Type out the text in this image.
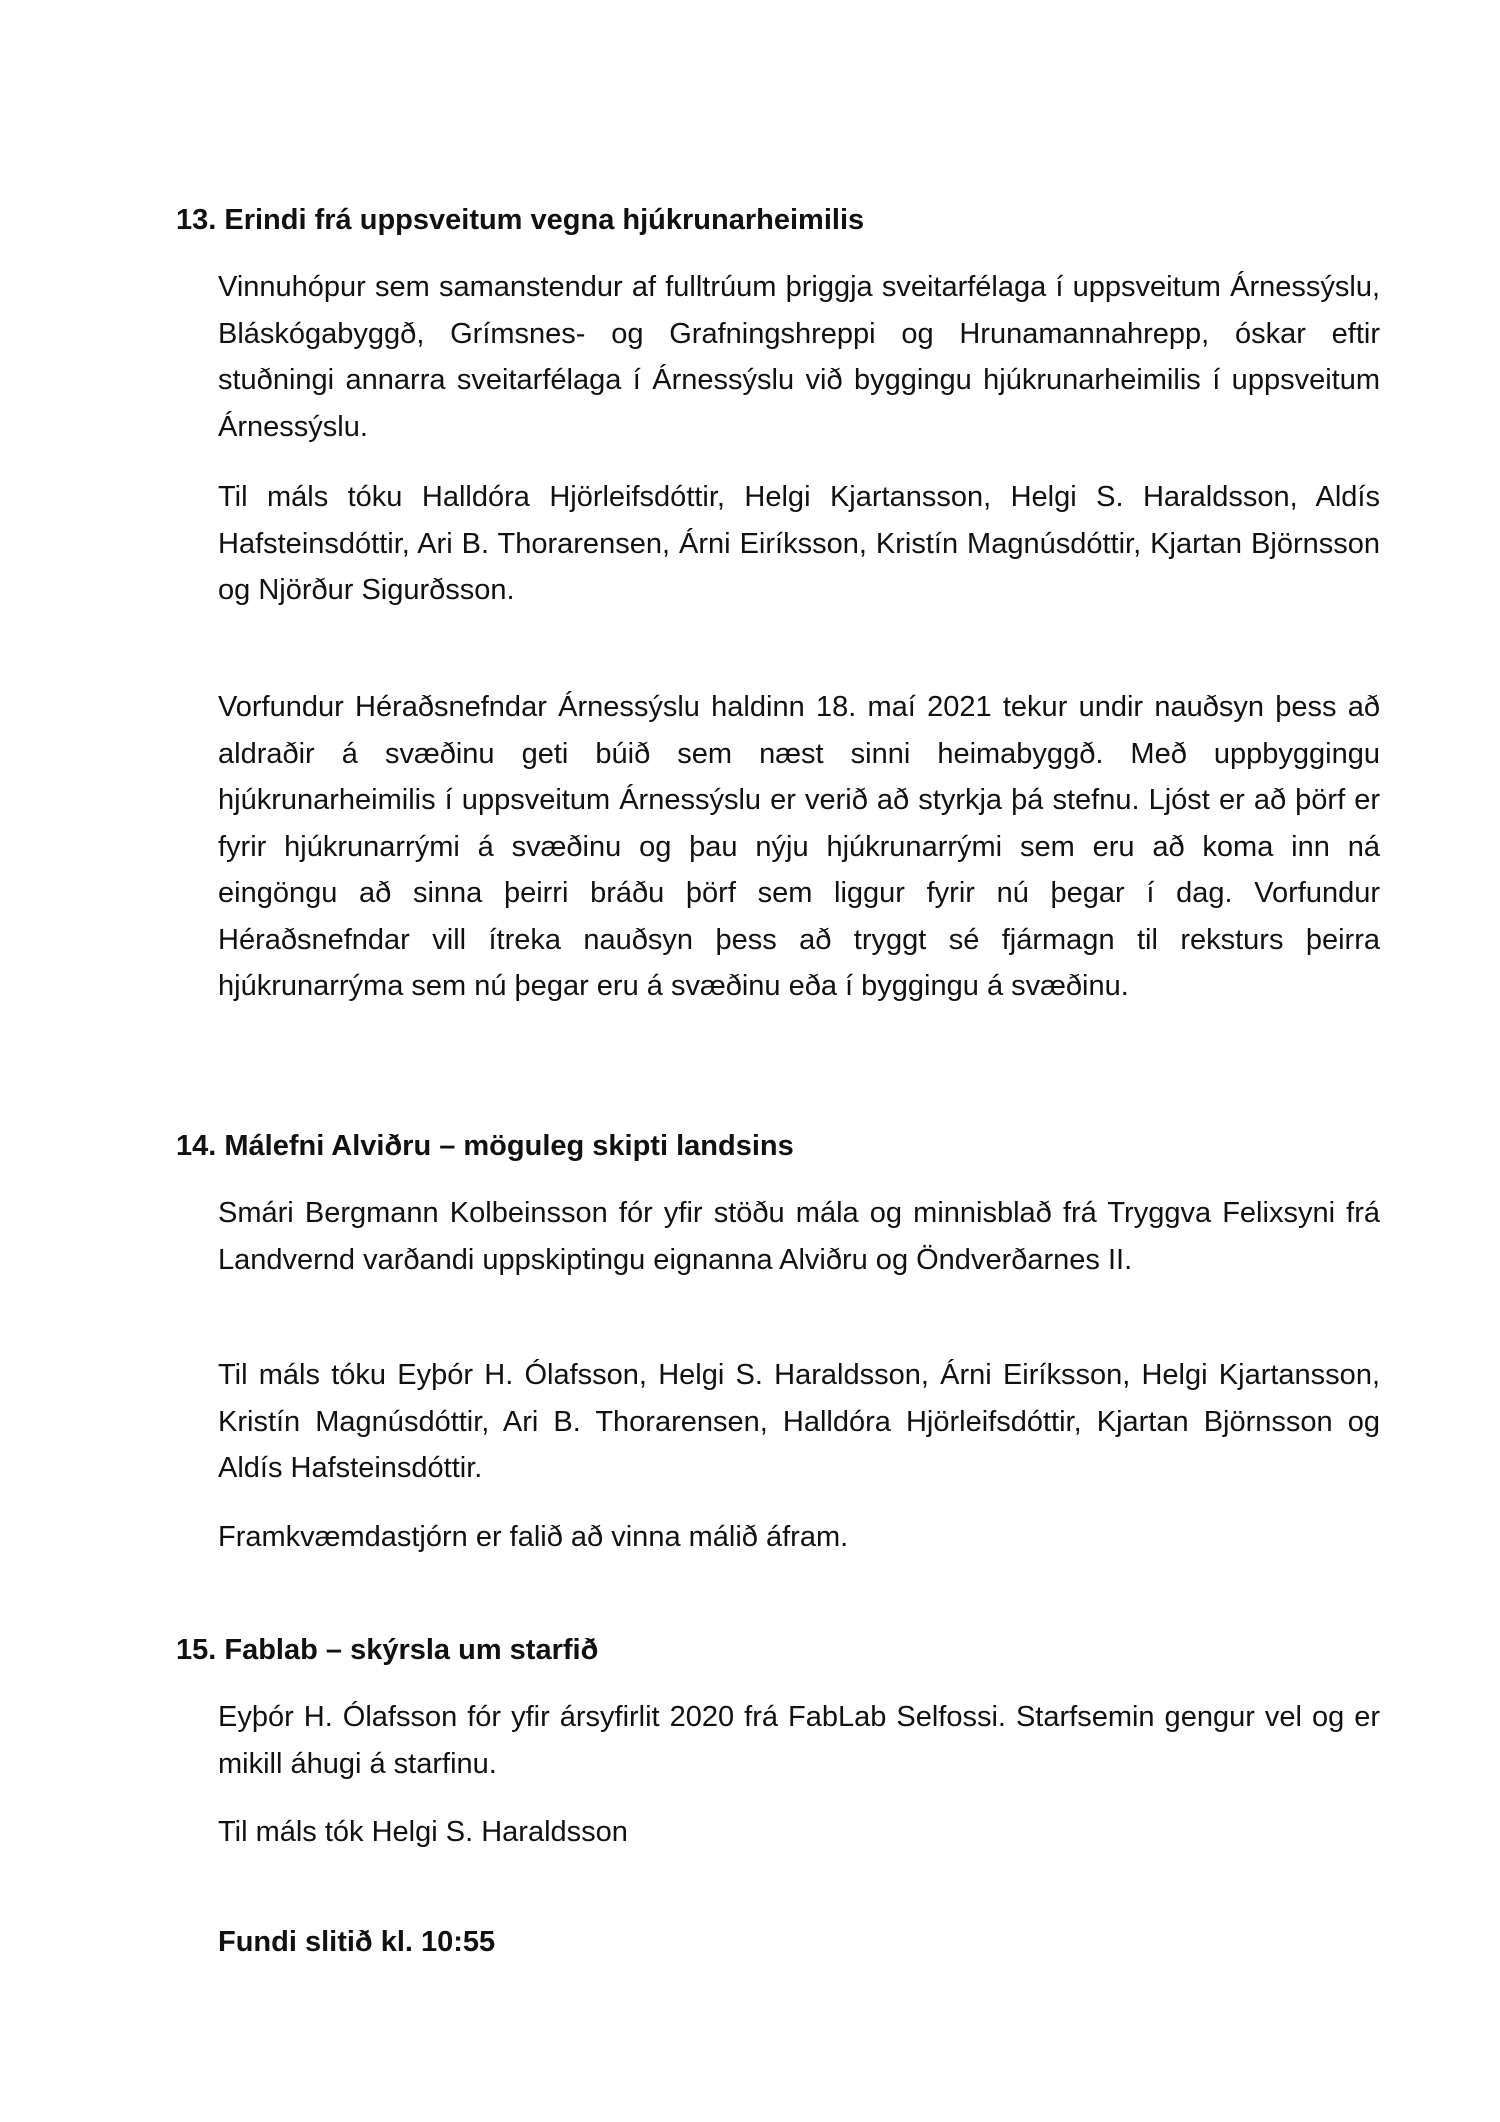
13. Erindi frá uppsveitum vegna hjúkrunarheimilis

Vinnuhópur sem samanstendur af fulltrúum þriggja sveitarfélaga í uppsveitum Árnessýslu, Bláskógabyggð, Grímsnes- og Grafningshreppi og Hrunamannahrepp, óskar eftir stuðningi annarra sveitarfélaga í Árnessýslu við byggingu hjúkrunarheimilis í uppsveitum Árnessýslu.

Til máls tóku Halldóra Hjörleifsdóttir, Helgi Kjartansson, Helgi S. Haraldsson, Aldís Hafsteinsdóttir, Ari B. Thorarensen, Árni Eiríksson, Kristín Magnúsdóttir, Kjartan Björnsson og Njörður Sigurðsson.

Vorfundur Héraðsnefndar Árnessýslu haldinn 18. maí 2021 tekur undir nauðsyn þess að aldraðir á svæðinu geti búið sem næst sinni heimabyggð. Með uppbyggingu hjúkrunarheimilis í uppsveitum Árnessýslu er verið að styrkja þá stefnu. Ljóst er að þörf er fyrir hjúkrunarrými á svæðinu og þau nýju hjúkrunarrými sem eru að koma inn ná eingöngu að sinna þeirri bráðu þörf sem liggur fyrir nú þegar í dag. Vorfundur Héraðsnefndar vill ítreka nauðsyn þess að tryggt sé fjármagn til reksturs þeirra hjúkrunarrýma sem nú þegar eru á svæðinu eða í byggingu á svæðinu.

14. Málefni Alviðru – möguleg skipti landsins

Smári Bergmann Kolbeinsson fór yfir stöðu mála og minnisblað frá Tryggva Felixsyni frá Landvernd varðandi uppskiptingu eignanna Alviðru og Öndverðarnes II.

Til máls tóku Eyþór H. Ólafsson, Helgi S. Haraldsson, Árni Eiríksson, Helgi Kjartansson, Kristín Magnúsdóttir, Ari B. Thorarensen, Halldóra Hjörleifsdóttir, Kjartan Björnsson og Aldís Hafsteinsdóttir.

Framkvæmdastjórn er falið að vinna málið áfram.

15. Fablab – skýrsla um starfið

Eyþór H. Ólafsson fór yfir ársyfirlit 2020 frá FabLab Selfossi. Starfsemin gengur vel og er mikill áhugi á starfinu.

Til máls tók Helgi S. Haraldsson

Fundi slitið kl. 10:55
